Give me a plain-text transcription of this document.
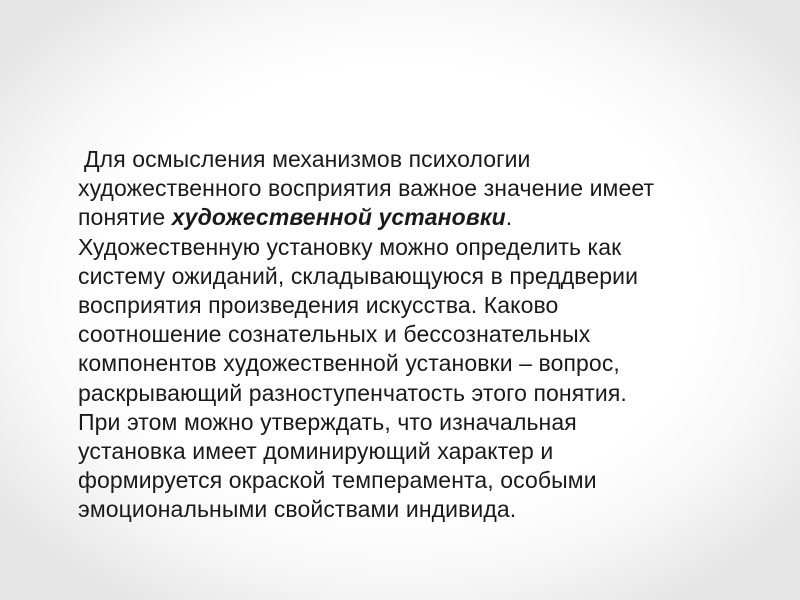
Для осмысления механизмов психологии
художественного восприятия важное значение имеет
понятие художественной установки.
Художественную установку можно определить как
систему ожиданий, складывающуюся в преддверии
восприятия произведения искусства. Каково
соотношение сознательных и бессознательных
компонентов художественной установки – вопрос,
раскрывающий разноступенчатость этого понятия.
При этом можно утверждать, что изначальная
установка имеет доминирующий характер и
формируется окраской темперамента, особыми
эмоциональными свойствами индивида.
